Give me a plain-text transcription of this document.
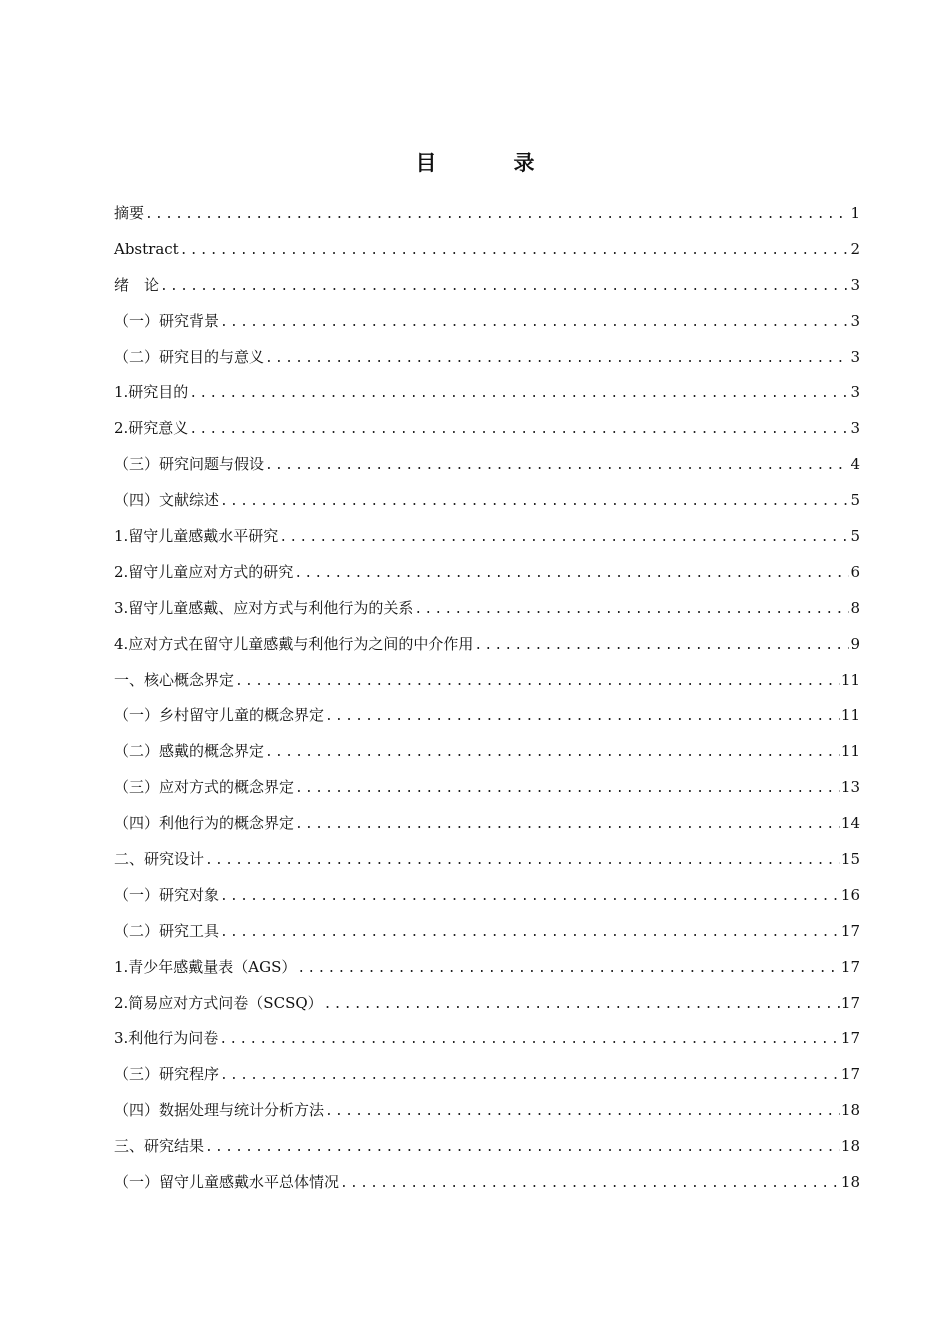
目　录
摘要 .....	1
Abstract .....	2
绪　论 .....	3
（一）研究背景 .....	3
（二）研究目的与意义 .....	3
1.研究目的 .....	3
2.研究意义 .....	3
（三）研究问题与假设 .....	4
（四）文献综述 .....	5
1.留守儿童感戴水平研究 .....	5
2.留守儿童应对方式的研究 .....	6
3.留守儿童感戴、应对方式与利他行为的关系 .....	8
4.应对方式在留守儿童感戴与利他行为之间的中介作用 .....	9
一、核心概念界定 .....	11
（一）乡村留守儿童的概念界定 .....	11
（二）感戴的概念界定 .....	11
（三）应对方式的概念界定 .....	13
（四）利他行为的概念界定 .....	14
二、研究设计 .....	15
（一）研究对象 .....	16
（二）研究工具 .....	17
1.青少年感戴量表（AGS） .....	17
2.简易应对方式问卷（SCSQ） .....	17
3.利他行为问卷 .....	17
（三）研究程序 .....	17
（四）数据处理与统计分析方法 .....	18
三、研究结果 .....	18
（一）留守儿童感戴水平总体情况 .....	18
